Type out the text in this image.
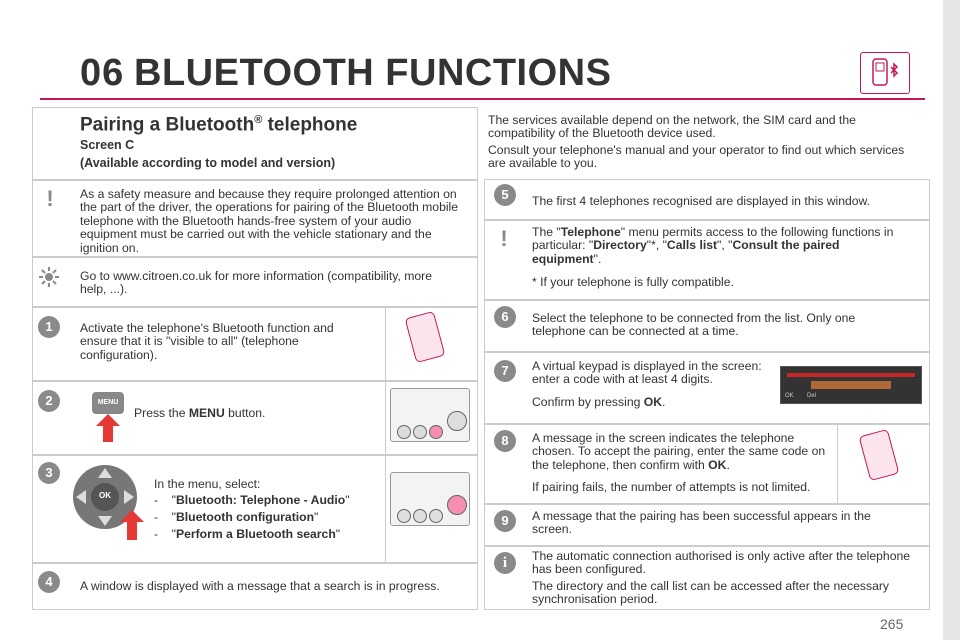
06 BLUETOOTH FUNCTIONS
Pairing a Bluetooth® telephone
Screen C
(Available according to model and version)
!	As a safety measure and because they require prolonged attention on the part of the driver, the operations for pairing of the Bluetooth mobile telephone with the Bluetooth hands-free system of your audio equipment must be carried out with the vehicle stationary and the ignition on.
Go to www.citroen.co.uk for more information (compatibility, more help, ...).
1	Activate the telephone's Bluetooth function and ensure that it is "visible to all" (telephone configuration).
2	MENU
Press the MENU button.
3
OK
In the menu, select:
-    "Bluetooth: Telephone - Audio"
-    "Bluetooth configuration"
-    "Perform a Bluetooth search"
4	A window is displayed with a message that a search is in progress.
The services available depend on the network, the SIM card and the compatibility of the Bluetooth device used.
Consult your telephone's manual and your operator to find out which services are available to you.
5	The first 4 telephones recognised are displayed in this window.
!	The "Telephone" menu permits access to the following functions in particular: "Directory"*, "Calls list", "Consult the paired equipment".
* If your telephone is fully compatible.
6	Select the telephone to be connected from the list. Only one telephone can be connected at a time.
7	A virtual keypad is displayed in the screen: enter a code with at least 4 digits.
Confirm by pressing OK.	OK Del
8	A message in the screen indicates the telephone chosen. To accept the pairing, enter the same code on the telephone, then confirm with OK.
If pairing fails, the number of attempts is not limited.
9	A message that the pairing has been successful appears in the screen.
i	The automatic connection authorised is only active after the telephone has been configured.
The directory and the call list can be accessed after the necessary synchronisation period.
265
